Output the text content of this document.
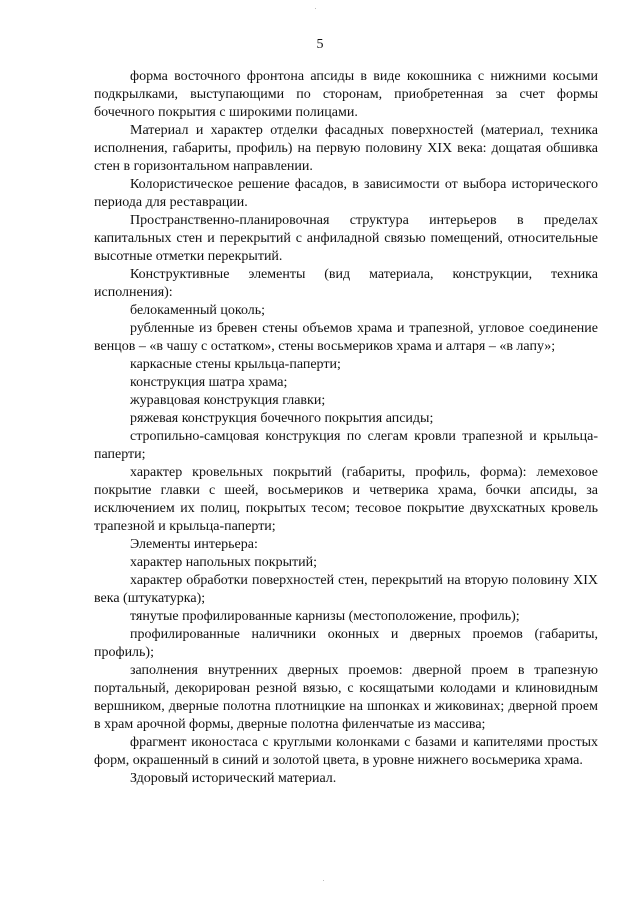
5

форма восточного фронтона апсиды в виде кокошника с нижними косыми подкрылками, выступающими по сторонам, приобретенная за счет формы бочечного покрытия с широкими полицами.

Материал и характер отделки фасадных поверхностей (материал, техника исполнения, габариты, профиль) на первую половину XIX века: дощатая обшивка стен в горизонтальном направлении.

Колористическое решение фасадов, в зависимости от выбора исторического периода для реставрации.

Пространственно-планировочная структура интерьеров в пределах капитальных стен и перекрытий с анфиладной связью помещений, относительные высотные отметки перекрытий.

Конструктивные элементы (вид материала, конструкции, техника исполнения):

белокаменный цоколь;

рубленные из бревен стены объемов храма и трапезной, угловое соединение венцов – «в чашу с остатком», стены восьмериков храма и алтаря – «в лапу»;

каркасные стены крыльца-паперти;

конструкция шатра храма;

журавцовая конструкция главки;

ряжевая конструкция бочечного покрытия апсиды;

стропильно-самцовая конструкция по слегам кровли трапезной и крыльца-паперти;

характер кровельных покрытий (габариты, профиль, форма): лемеховое покрытие главки с шеей, восьмериков и четверика храма, бочки апсиды, за исключением их полиц, покрытых тесом; тесовое покрытие двухскатных кровель трапезной и крыльца-паперти;

Элементы интерьера:

характер напольных покрытий;

характер обработки поверхностей стен, перекрытий на вторую половину XIX века (штукатурка);

тянутые профилированные карнизы (местоположение, профиль);

профилированные наличники оконных и дверных проемов (габариты, профиль);

заполнения внутренних дверных проемов: дверной проем в трапезную портальный, декорирован резной вязью, с косящатыми колодами и клиновидным вершником, дверные полотна плотницкие на шпонках и жиковинах; дверной проем в храм арочной формы, дверные полотна филенчатые из массива;

фрагмент иконостаса с круглыми колонками с базами и капителями простых форм, окрашенный в синий и золотой цвета, в уровне нижнего восьмерика храма.

Здоровый исторический материал.
